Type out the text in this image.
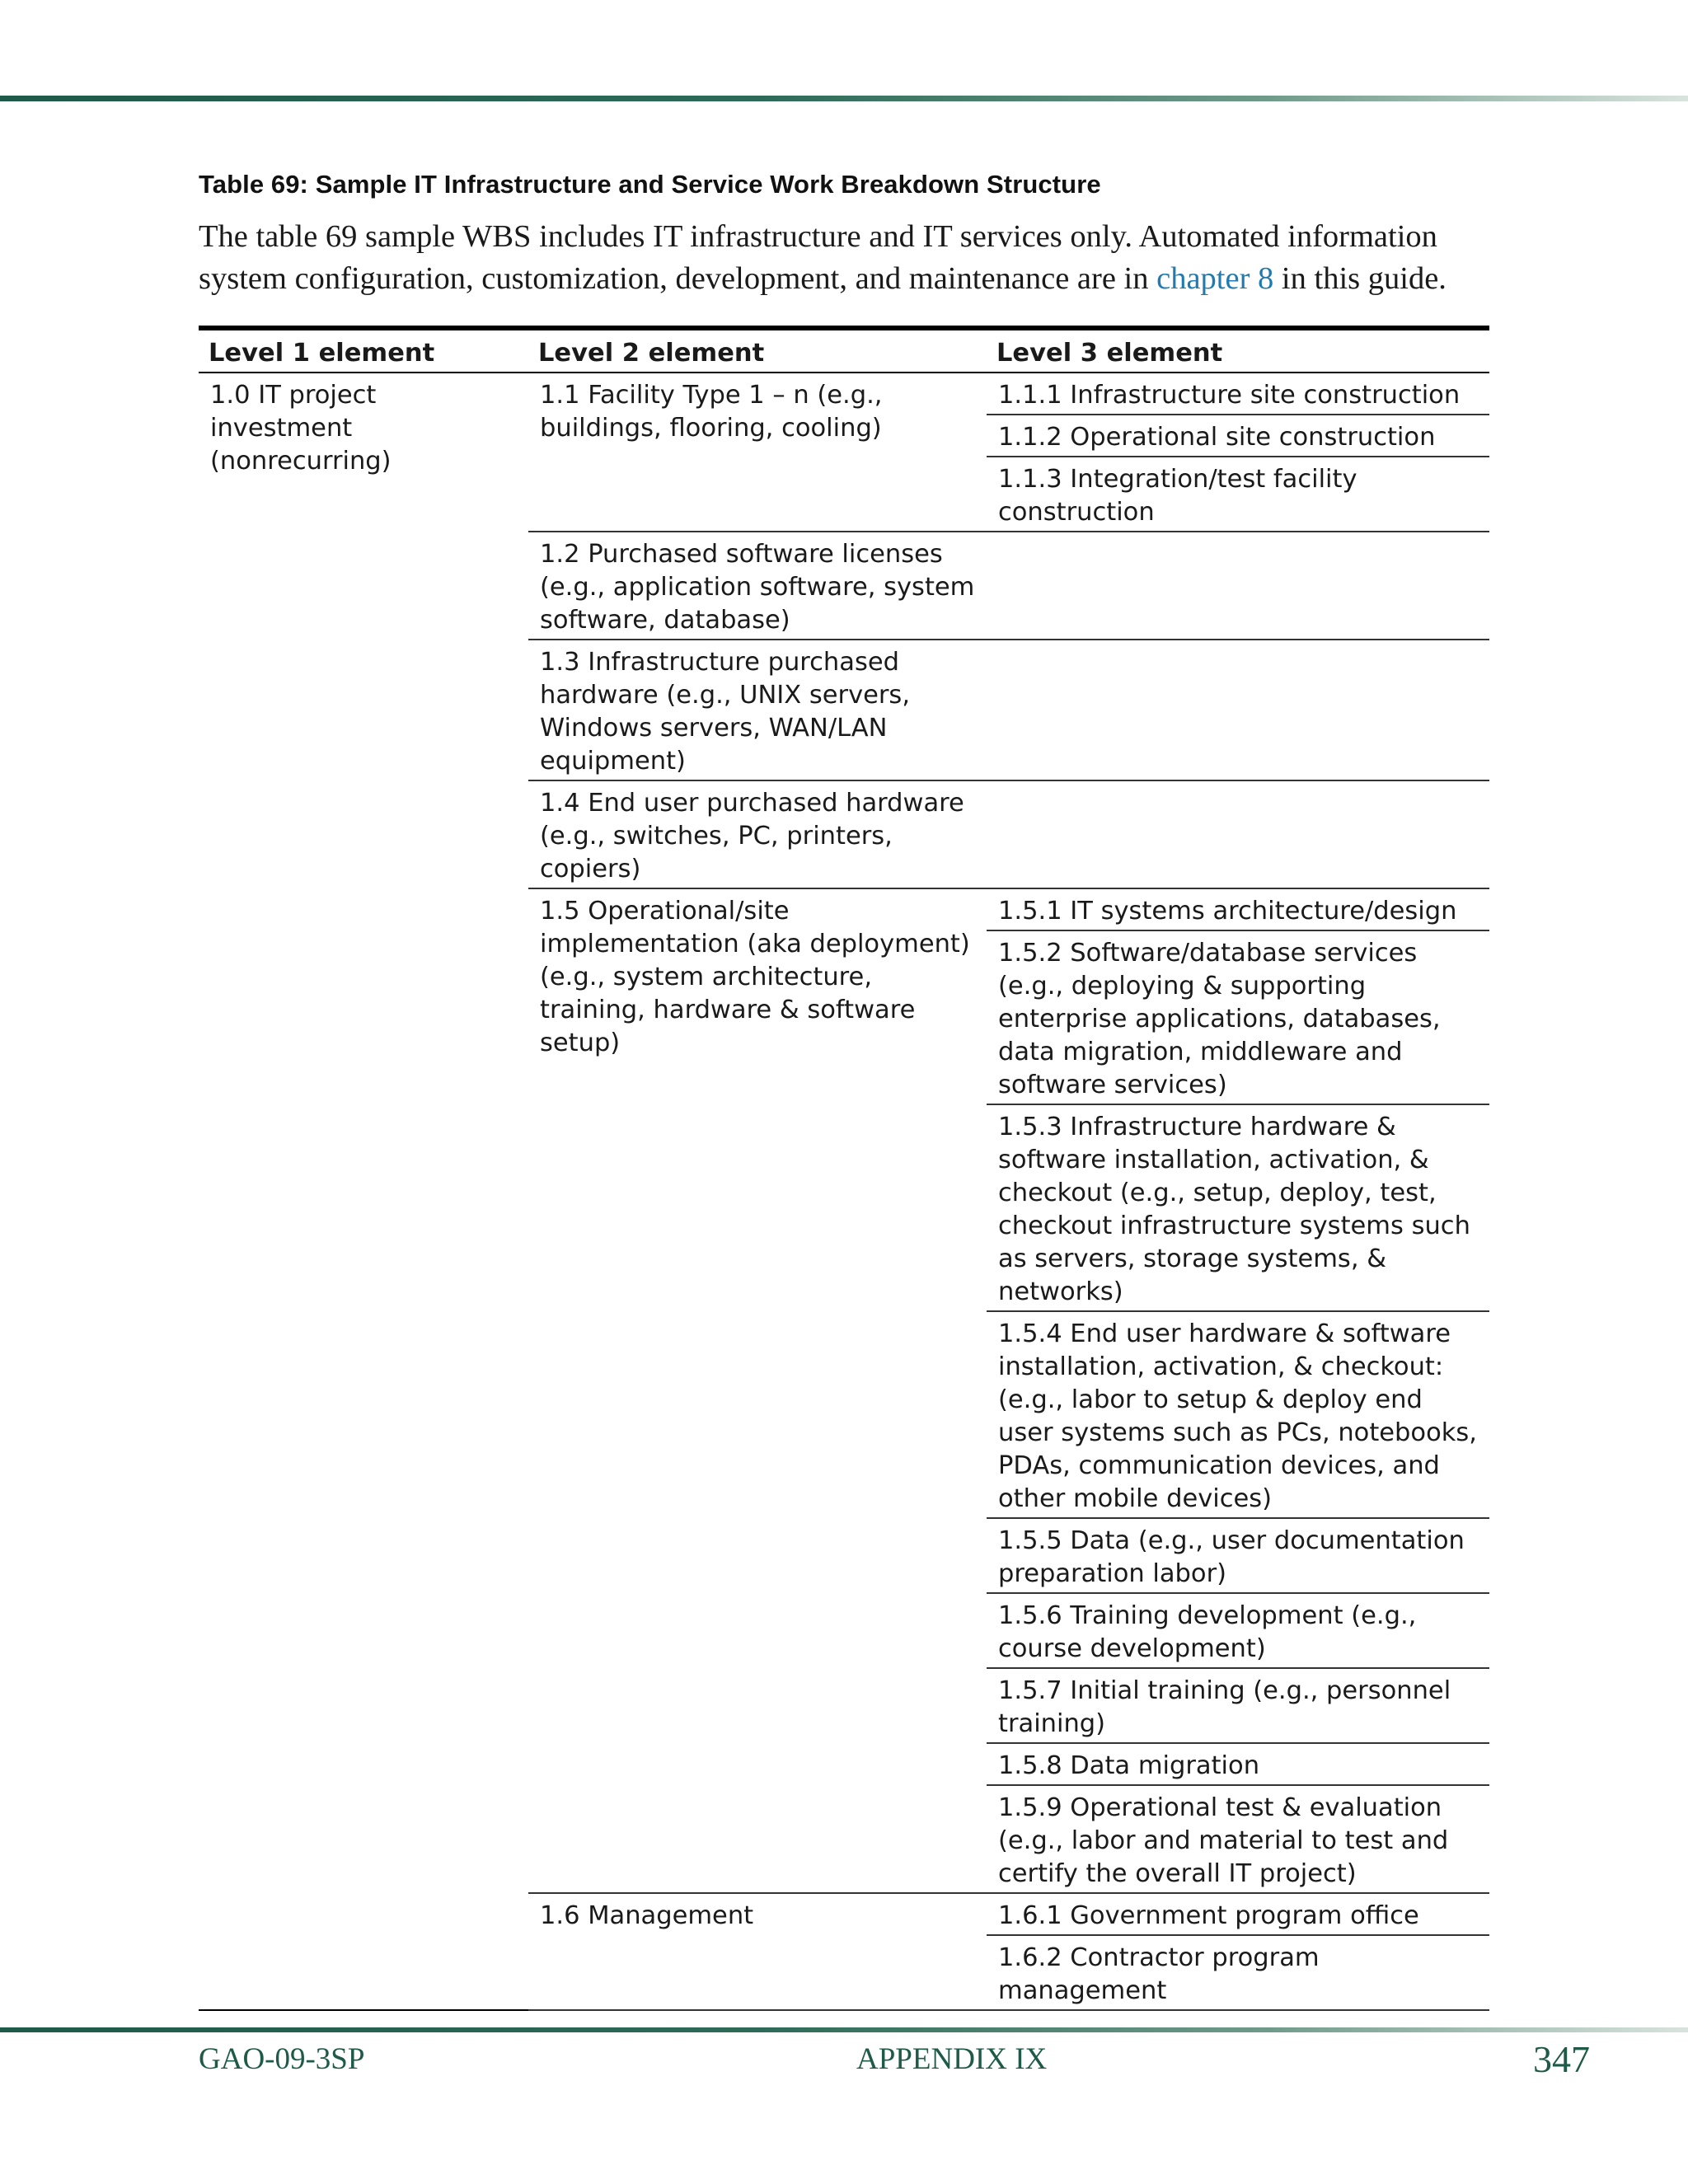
Table 69: Sample IT Infrastructure and Service Work Breakdown Structure

The table 69 sample WBS includes IT infrastructure and IT services only. Automated information system configuration, customization, development, and maintenance are in chapter 8 in this guide.

Level 1 element	Level 2 element	Level 3 element
1.0 IT project investment (nonrecurring)	1.1 Facility Type 1 – n (e.g., buildings, flooring, cooling)	1.1.1 Infrastructure site construction
		1.1.2 Operational site construction
		1.1.3 Integration/test facility construction
	1.2 Purchased software licenses (e.g., application software, system software, database)	
	1.3 Infrastructure purchased hardware (e.g., UNIX servers, Windows servers, WAN/LAN equipment)	
	1.4 End user purchased hardware (e.g., switches, PC, printers, copiers)	
	1.5 Operational/site implementation (aka deployment) (e.g., system architecture, training, hardware & software setup)	1.5.1 IT systems architecture/design
		1.5.2 Software/database services (e.g., deploying & supporting enterprise applications, databases, data migration, middleware and software services)
		1.5.3 Infrastructure hardware & software installation, activation, & checkout (e.g., setup, deploy, test, checkout infrastructure systems such as servers, storage systems, & networks)
		1.5.4 End user hardware & software installation, activation, & checkout: (e.g., labor to setup & deploy end user systems such as PCs, notebooks, PDAs, communication devices, and other mobile devices)
		1.5.5 Data (e.g., user documentation preparation labor)
		1.5.6 Training development (e.g., course development)
		1.5.7 Initial training (e.g., personnel training)
		1.5.8 Data migration
		1.5.9 Operational test & evaluation (e.g., labor and material to test and certify the overall IT project)
	1.6 Management	1.6.1 Government program office
		1.6.2 Contractor program management
GAO-09-3SP	APPENDIX IX	347
